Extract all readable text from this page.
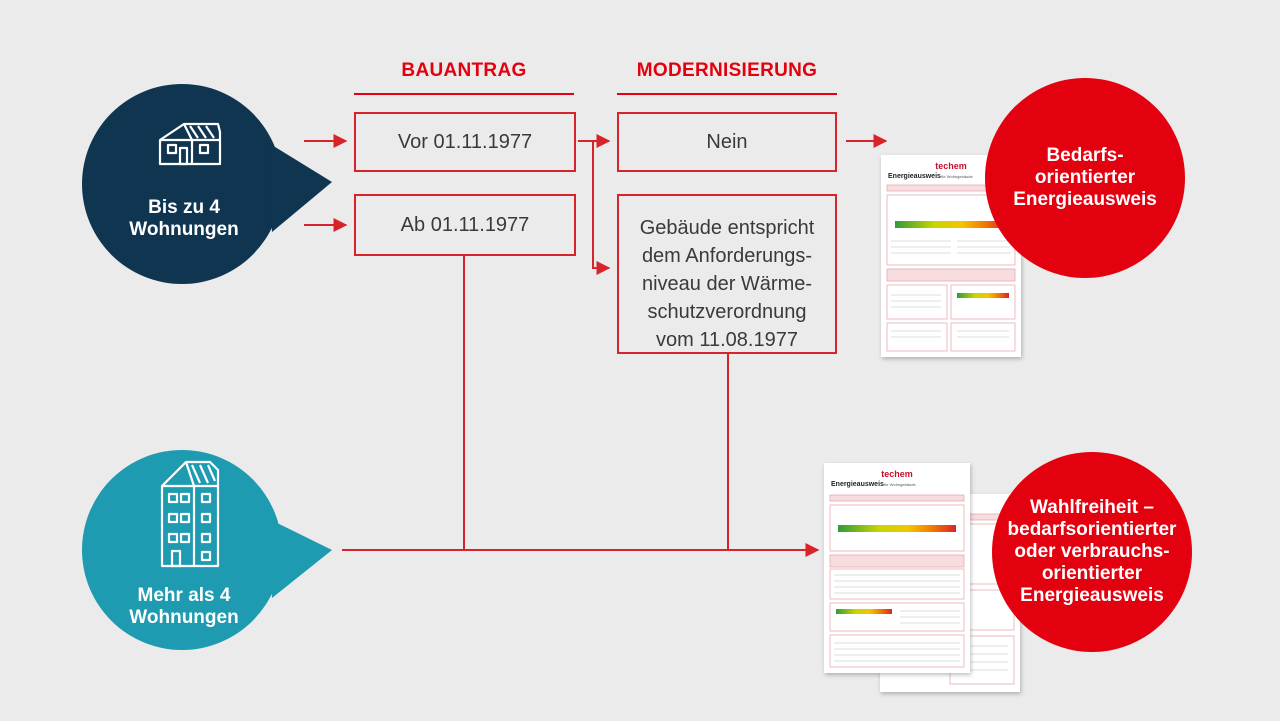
BAUANTRAG	MODERNISIERUNG
Bis zu 4
Wohnungen
Mehr als 4
Wohnungen
Vor 01.11.1977
Ab 01.11.1977
Nein
Gebäude entspricht
dem Anforderungs-
niveau der Wärme-
schutzverordnung
vom 11.08.1977
techem
Energieausweis für Wohngebäude
techem
Energieausweis für Wohngebäude
Bedarfs-
orientierter
Energieausweis
Wahlfreiheit –
bedarfsorientierter
oder verbrauchs-
orientierter
Energieausweis
